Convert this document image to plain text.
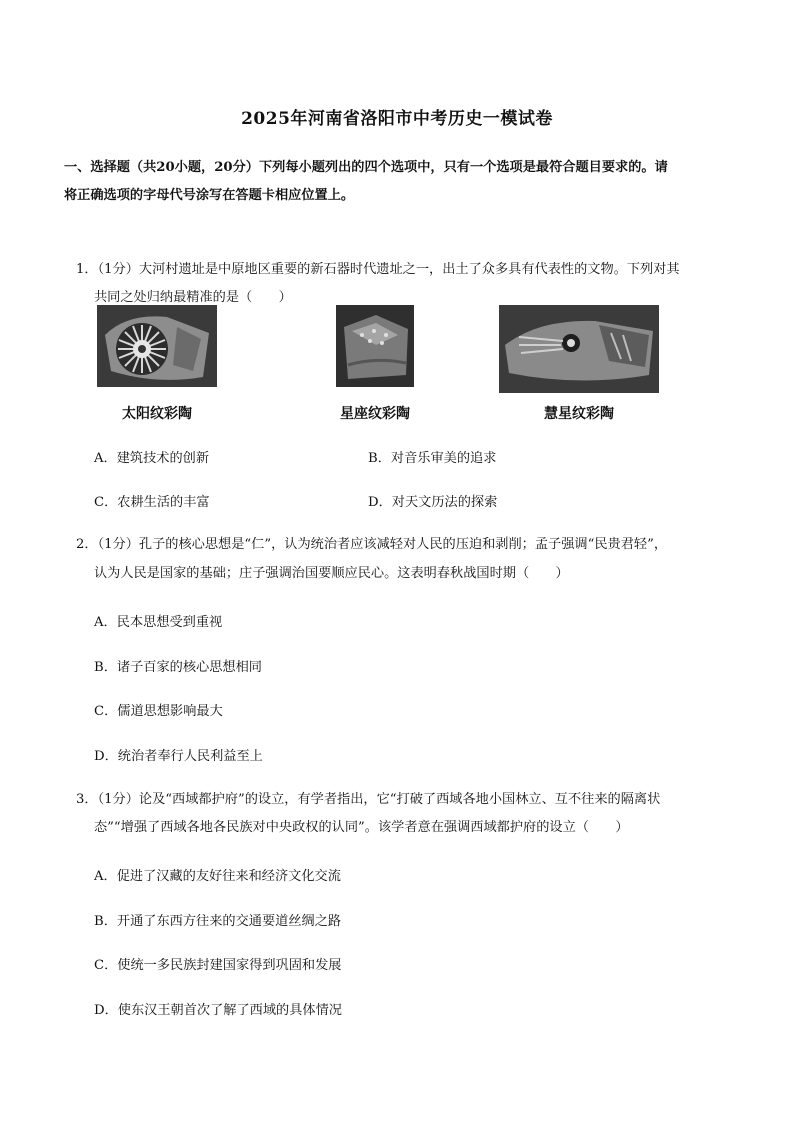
2025年河南省洛阳市中考历史一模试卷
一、选择题（共20小题，20分）下列每小题列出的四个选项中，只有一个选项是最符合题目要求的。请
将正确选项的字母代号涂写在答题卡相应位置上。
1．（1分）大河村遗址是中原地区重要的新石器时代遗址之一，出土了众多具有代表性的文物。下列对其
共同之处归纳最精准的是（　　）
太阳纹彩陶	星座纹彩陶	慧星纹彩陶
A．建筑技术的创新	B．对音乐审美的追求
C．农耕生活的丰富	D．对天文历法的探索
2．（1分）孔子的核心思想是“仁”，认为统治者应该减轻对人民的压迫和剥削；孟子强调“民贵君轻”，
认为人民是国家的基础；庄子强调治国要顺应民心。这表明春秋战国时期（　　）
A．民本思想受到重视
B．诸子百家的核心思想相同
C．儒道思想影响最大
D．统治者奉行人民利益至上
3．（1分）论及“西域都护府”的设立，有学者指出，它“打破了西域各地小国林立、互不往来的隔离状
态”“增强了西域各地各民族对中央政权的认同”。该学者意在强调西域都护府的设立（　　）
A．促进了汉藏的友好往来和经济文化交流
B．开通了东西方往来的交通要道丝绸之路
C．使统一多民族封建国家得到巩固和发展
D．使东汉王朝首次了解了西域的具体情况
